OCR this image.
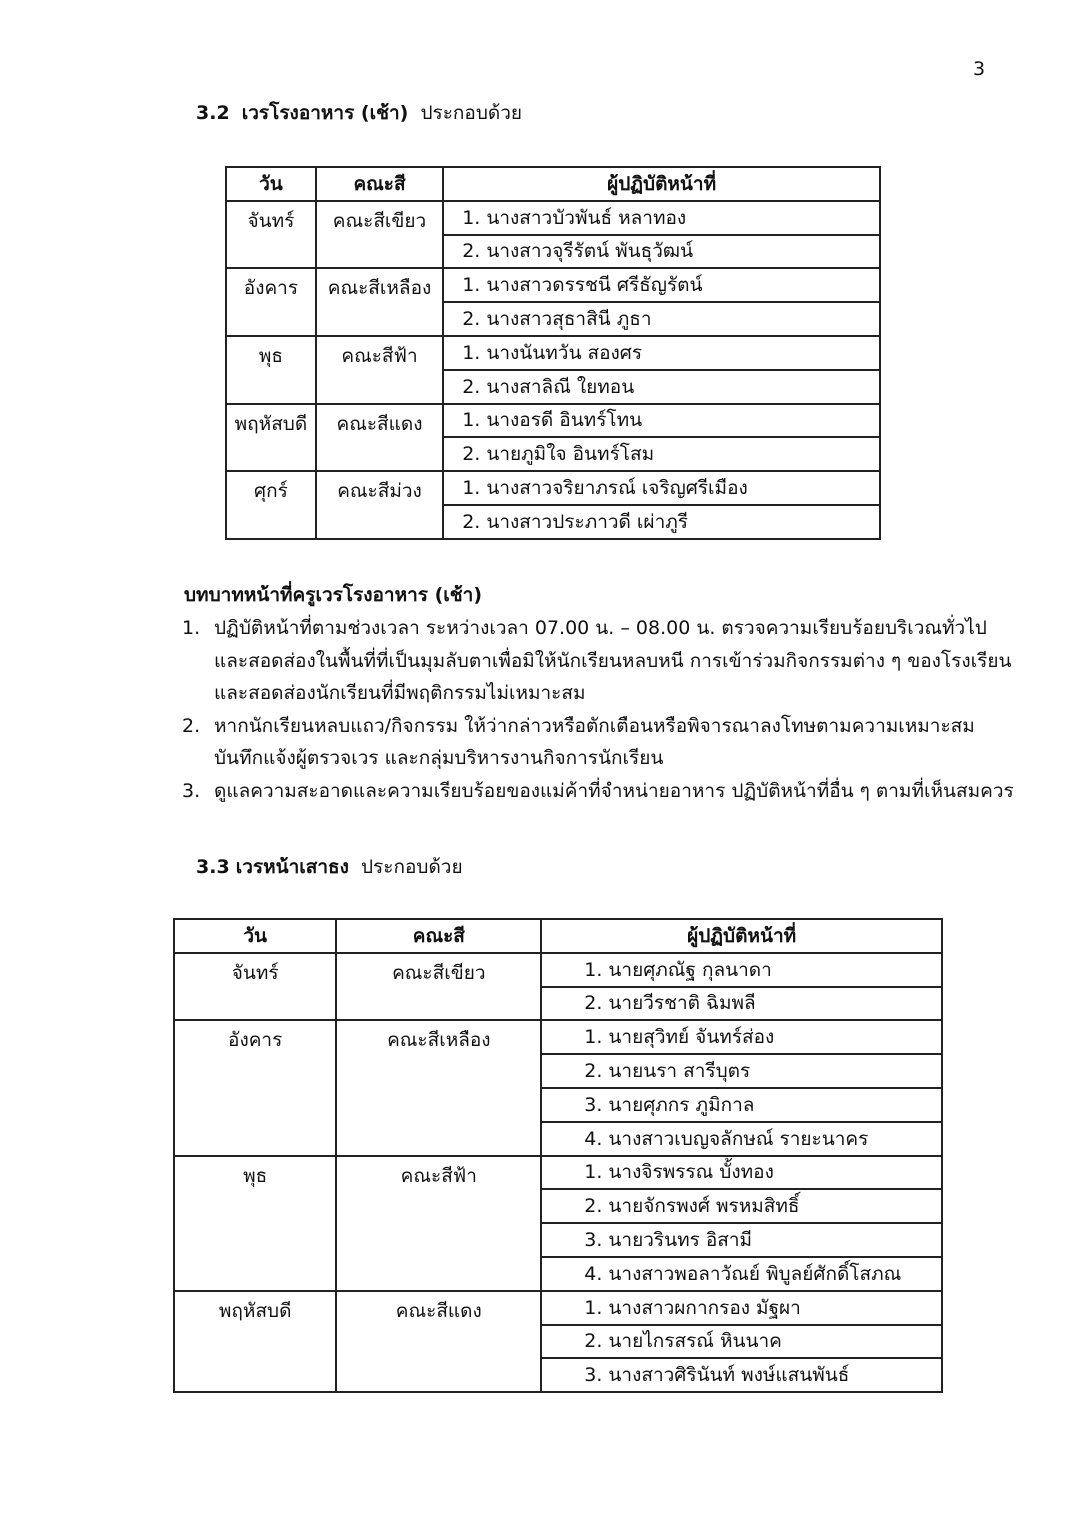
3
3.2 เวรโรงอาหาร (เช้า) ประกอบด้วย
วัน	คณะสี	ผู้ปฏิบัติหน้าที่
จันทร์	คณะสีเขียว	1. นางสาวบัวพันธ์ หลาทอง
		2. นางสาวจุรีรัตน์ พันธุวัฒน์
อังคาร	คณะสีเหลือง	1. นางสาวดรรชนี ศรีธัญรัตน์
		2. นางสาวสุธาสินี ภูธา
พุธ	คณะสีฟ้า	1. นางนันทวัน สองศร
		2. นางสาลิณี ใยทอน
พฤหัสบดี	คณะสีแดง	1. นางอรดี อินทร์โทน
		2. นายภูมิใจ อินทร์โสม
ศุกร์	คณะสีม่วง	1. นางสาวจริยาภรณ์ เจริญศรีเมือง
		2. นางสาวประภาวดี เผ่าภูรี
บทบาทหน้าที่ครูเวรโรงอาหาร (เช้า)
1. ปฏิบัติหน้าที่ตามช่วงเวลา ระหว่างเวลา 07.00 น. – 08.00 น. ตรวจความเรียบร้อยบริเวณทั่วไป
และสอดส่องในพื้นที่ที่เป็นมุมลับตาเพื่อมิให้นักเรียนหลบหนี การเข้าร่วมกิจกรรมต่าง ๆ ของโรงเรียน
และสอดส่องนักเรียนที่มีพฤติกรรมไม่เหมาะสม
2. หากนักเรียนหลบแถว/กิจกรรม ให้ว่ากล่าวหรือตักเตือนหรือพิจารณาลงโทษตามความเหมาะสม
บันทึกแจ้งผู้ตรวจเวร และกลุ่มบริหารงานกิจการนักเรียน
3. ดูแลความสะอาดและความเรียบร้อยของแม่ค้าที่จำหน่ายอาหาร ปฏิบัติหน้าที่อื่น ๆ ตามที่เห็นสมควร
3.3 เวรหน้าเสาธง ประกอบด้วย
วัน	คณะสี	ผู้ปฏิบัติหน้าที่
จันทร์	คณะสีเขียว	1. นายศุภณัฐ กุลนาดา
		2. นายวีรชาติ ฉิมพลี
อังคาร	คณะสีเหลือง	1. นายสุวิทย์ จันทร์ส่อง
		2. นายนรา สารีบุตร
		3. นายศุภกร ภูมิกาล
		4. นางสาวเบญจลักษณ์ รายะนาคร
พุธ	คณะสีฟ้า	1. นางจิรพรรณ บั้งทอง
		2. นายจักรพงศ์ พรหมสิทธิ์
		3. นายวรินทร อิสามี
		4. นางสาวพอลาวัณย์ พิบูลย์ศักดิ์โสภณ
พฤหัสบดี	คณะสีแดง	1. นางสาวผกากรอง มัฐผา
		2. นายไกรสรณ์ หินนาค
		3. นางสาวศิรินันท์ พงษ์แสนพันธ์
